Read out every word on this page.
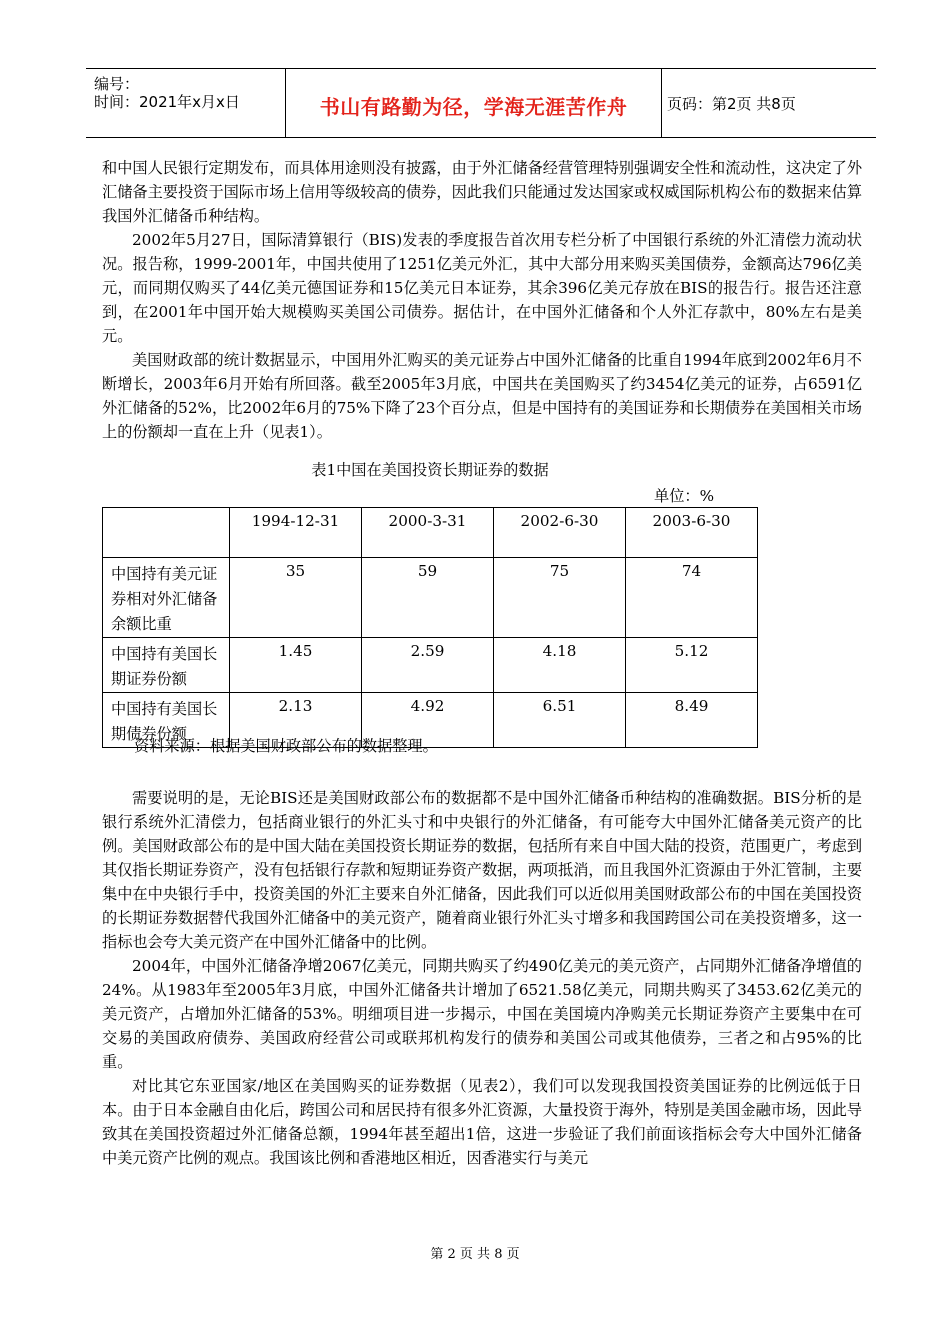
编号：
时间：2021年x月x日	书山有路勤为径，学海无涯苦作舟	页码：第2页 共8页

和中国人民银行定期发布，而具体用途则没有披露，由于外汇储备经营管理特别强调安全性和流动性，这决定了外汇储备主要投资于国际市场上信用等级较高的债券，因此我们只能通过发达国家或权威国际机构公布的数据来估算我国外汇储备币种结构。

2002年5月27日，国际清算银行（BIS)发表的季度报告首次用专栏分析了中国银行系统的外汇清偿力流动状况。报告称，1999-2001年，中国共使用了1251亿美元外汇，其中大部分用来购买美国债券，金额高达796亿美元，而同期仅购买了44亿美元德国证券和15亿美元日本证券，其余396亿美元存放在BIS的报告行。报告还注意到，在2001年中国开始大规模购买美国公司债券。据估计，在中国外汇储备和个人外汇存款中，80%左右是美元。

美国财政部的统计数据显示，中国用外汇购买的美元证券占中国外汇储备的比重自1994年底到2002年6月不断增长，2003年6月开始有所回落。截至2005年3月底，中国共在美国购买了约3454亿美元的证券，占6591亿外汇储备的52%，比2002年6月的75%下降了23个百分点，但是中国持有的美国证券和长期债券在美国相关市场上的份额却一直在上升（见表1）。

表1中国在美国投资长期证券的数据
单位：%
	1994-12-31	2000-3-31	2002-6-30	2003-6-30
中国持有美元证券相对外汇储备余额比重	35	59	75	74
中国持有美国长期证券份额	1.45	2.59	4.18	5.12
中国持有美国长期债券份额	2.13	4.92	6.51	8.49
资料来源：根据美国财政部公布的数据整理。

需要说明的是，无论BIS还是美国财政部公布的数据都不是中国外汇储备币种结构的准确数据。BIS分析的是银行系统外汇清偿力，包括商业银行的外汇头寸和中央银行的外汇储备，有可能夸大中国外汇储备美元资产的比例。美国财政部公布的是中国大陆在美国投资长期证券的数据，包括所有来自中国大陆的投资，范围更广，考虑到其仅指长期证券资产，没有包括银行存款和短期证券资产数据，两项抵消，而且我国外汇资源由于外汇管制，主要集中在中央银行手中，投资美国的外汇主要来自外汇储备，因此我们可以近似用美国财政部公布的中国在美国投资的长期证券数据替代我国外汇储备中的美元资产，随着商业银行外汇头寸增多和我国跨国公司在美投资增多，这一指标也会夸大美元资产在中国外汇储备中的比例。

2004年，中国外汇储备净增2067亿美元，同期共购买了约490亿美元的美元资产，占同期外汇储备净增值的24%。从1983年至2005年3月底，中国外汇储备共计增加了6521.58亿美元，同期共购买了3453.62亿美元的美元资产，占增加外汇储备的53%。明细项目进一步揭示，中国在美国境内净购美元长期证券资产主要集中在可交易的美国政府债券、美国政府经营公司或联邦机构发行的债券和美国公司或其他债券，三者之和占95%的比重。

对比其它东亚国家/地区在美国购买的证券数据（见表2），我们可以发现我国投资美国证券的比例远低于日本。由于日本金融自由化后，跨国公司和居民持有很多外汇资源，大量投资于海外，特别是美国金融市场，因此导致其在美国投资超过外汇储备总额，1994年甚至超出1倍，这进一步验证了我们前面该指标会夸大中国外汇储备中美元资产比例的观点。我国该比例和香港地区相近，因香港实行与美元

第 2 页 共 8 页
